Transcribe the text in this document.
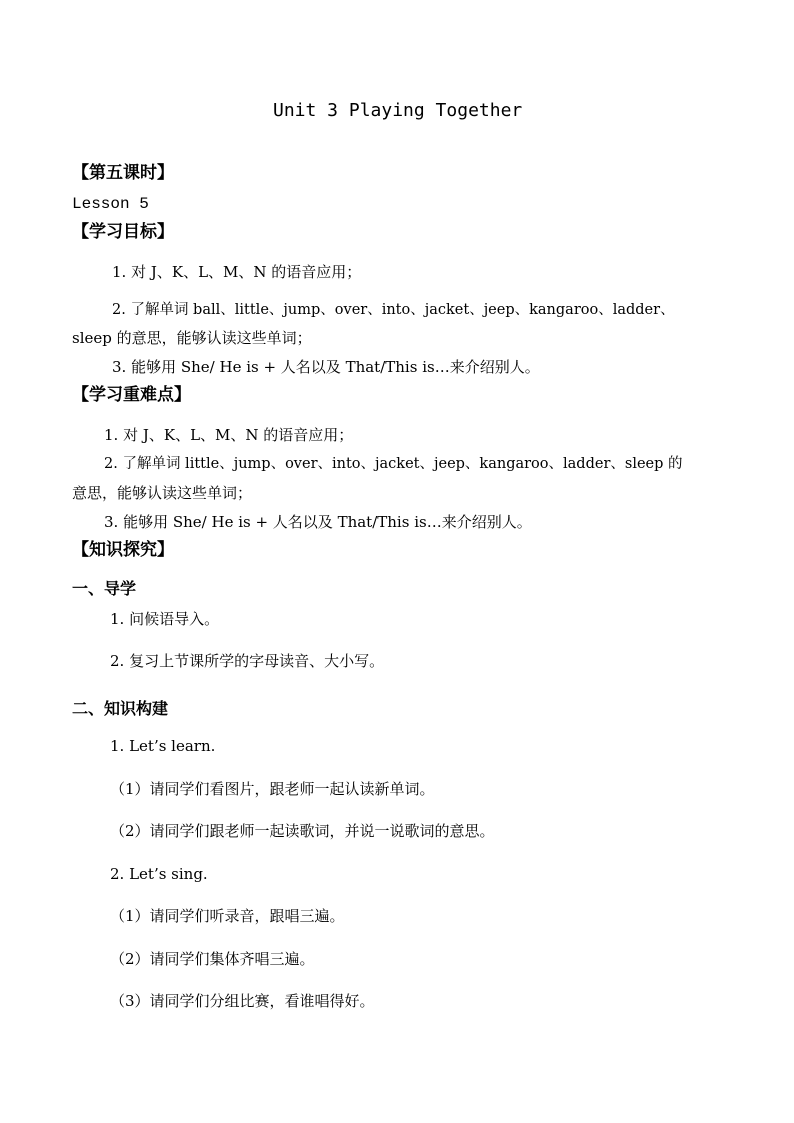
Unit 3 Playing Together
【第五课时】
Lesson 5
【学习目标】
1. 对 J、K、L、M、N 的语音应用；
2. 了解单词 ball、little、jump、over、into、jacket、jeep、kangaroo、ladder、
sleep 的意思，能够认读这些单词；
3. 能够用 She/ He is + 人名以及 That/This is…来介绍别人。
【学习重难点】
1. 对 J、K、L、M、N 的语音应用；
2. 了解单词 little、jump、over、into、jacket、jeep、kangaroo、ladder、sleep 的
意思，能够认读这些单词；
3. 能够用 She/ He is + 人名以及 That/This is…来介绍别人。
【知识探究】
一、导学
1. 问候语导入。
2. 复习上节课所学的字母读音、大小写。
二、知识构建
1. Let’s learn.
（1）请同学们看图片，跟老师一起认读新单词。
（2）请同学们跟老师一起读歌词，并说一说歌词的意思。
2. Let’s sing.
（1）请同学们听录音，跟唱三遍。
（2）请同学们集体齐唱三遍。
（3）请同学们分组比赛，看谁唱得好。
